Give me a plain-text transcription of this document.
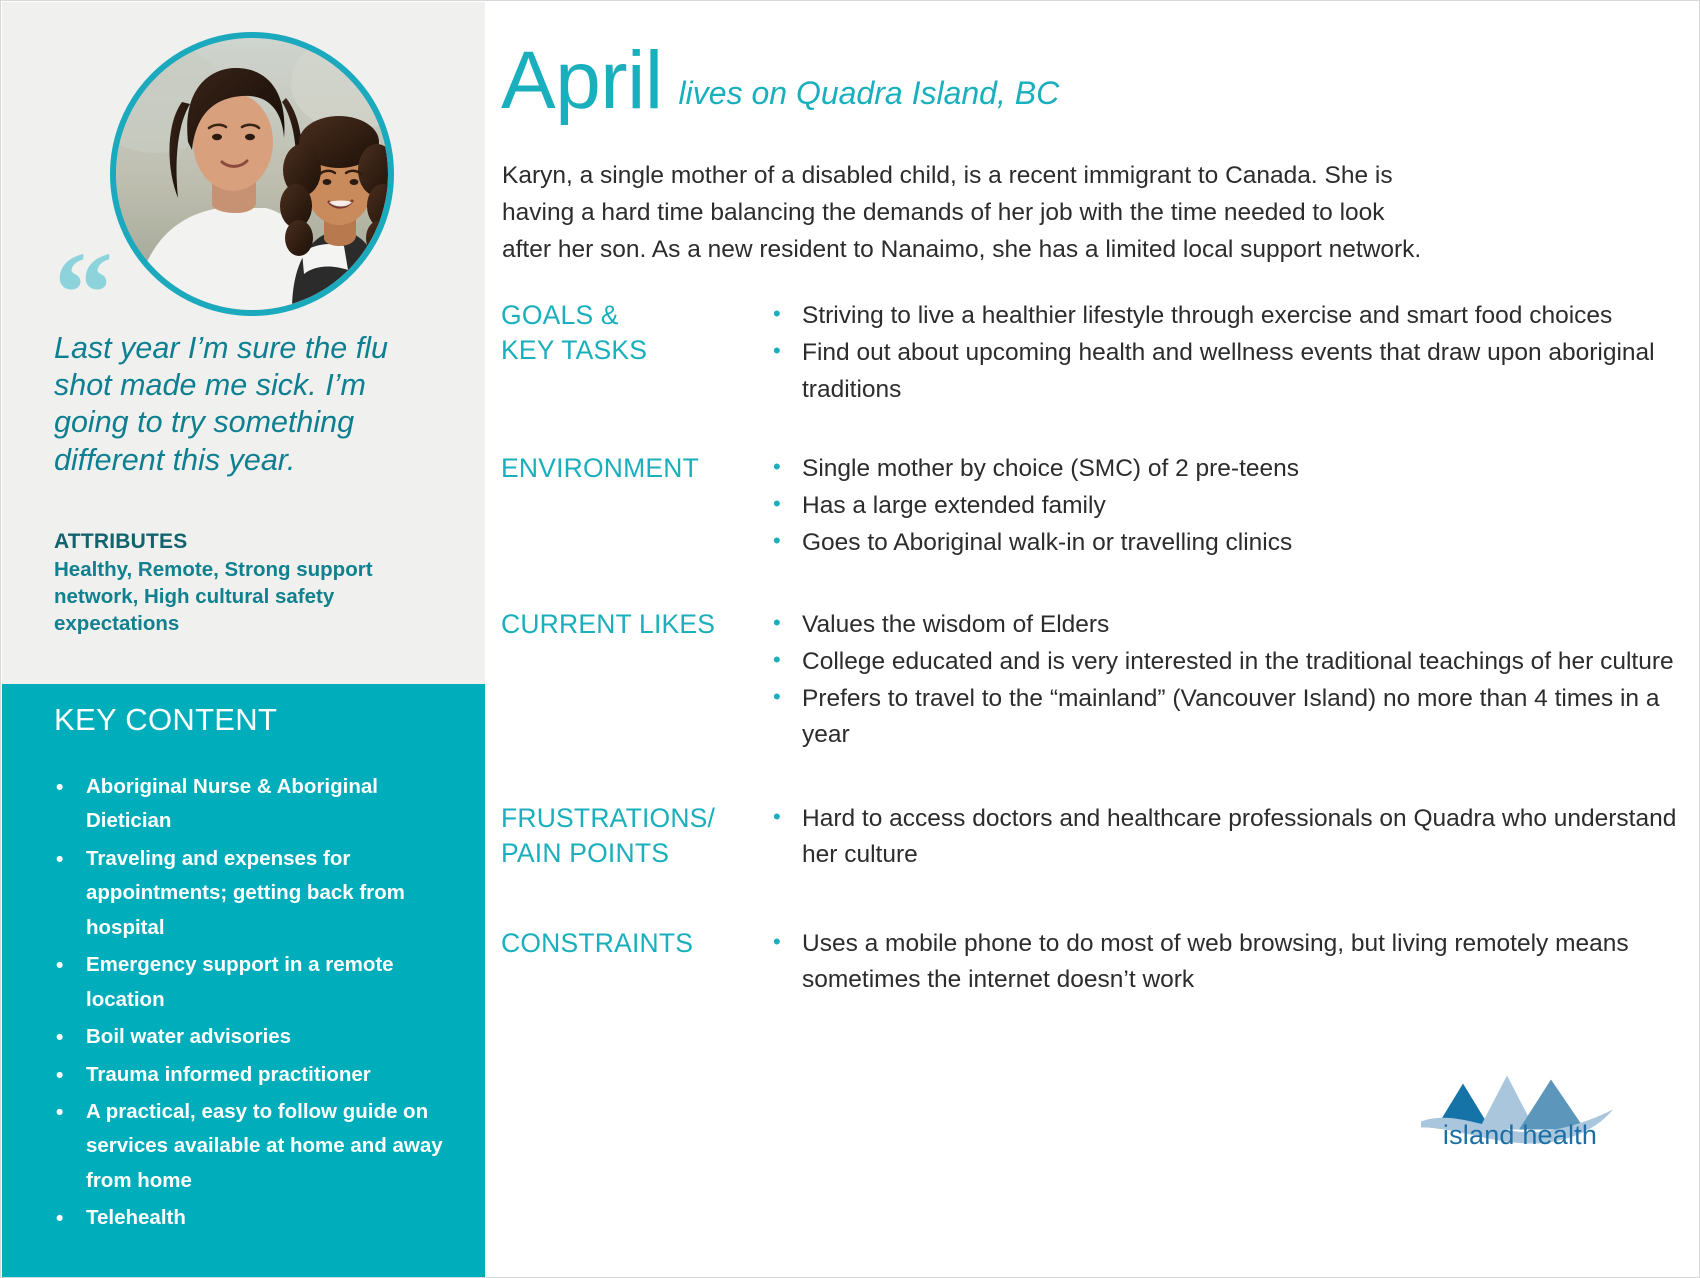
“
Last year I’m sure the flu shot made me sick. I’m going to try something different this year.
ATTRIBUTES
Healthy, Remote, Strong support network, High cultural safety expectations
KEY CONTENT
• Aboriginal Nurse & Aboriginal Dietician
• Traveling and expenses for appointments; getting back from hospital
• Emergency support in a remote location
• Boil water advisories
• Trauma informed practitioner
• A practical, easy to follow guide on services available at home and away from home
• Telehealth
April lives on Quadra Island, BC
Karyn, a single mother of a disabled child, is a recent immigrant to Canada. She is having a hard time balancing the demands of her job with the time needed to look after her son. As a new resident to Nanaimo, she has a limited local support network.
GOALS &
KEY TASKS
• Striving to live a healthier lifestyle through exercise and smart food choices
• Find out about upcoming health and wellness events that draw upon aboriginal traditions
ENVIRONMENT	• Single mother by choice (SMC) of 2 pre-teens
• Has a large extended family
• Goes to Aboriginal walk-in or travelling clinics
CURRENT LIKES	• Values the wisdom of Elders
• College educated and is very interested in the traditional teachings of her culture
• Prefers to travel to the “mainland” (Vancouver Island) no more than 4 times in a year
FRUSTRATIONS/
PAIN POINTS
• Hard to access doctors and healthcare professionals on Quadra who understand her culture
CONSTRAINTS	• Uses a mobile phone to do most of web browsing, but living remotely means sometimes the internet doesn’t work
island health
